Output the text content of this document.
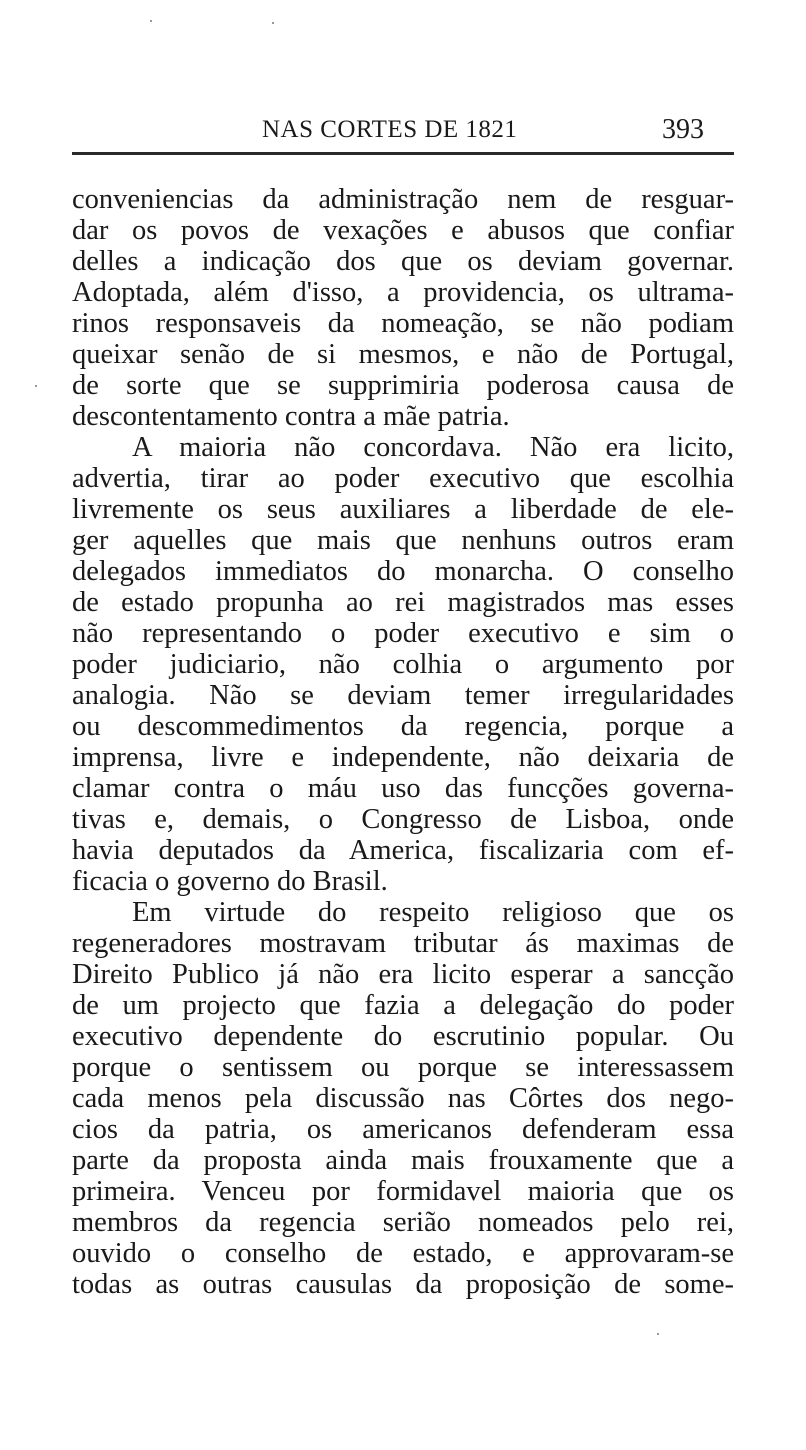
NAS CORTES DE 1821	393
conveniencias da administração nem de resguar-
dar os povos de vexações e abusos que confiar
delles a indicação dos que os deviam governar.
Adoptada, além d'isso, a providencia, os ultrama-
rinos responsaveis da nomeação, se não podiam
queixar senão de si mesmos, e não de Portugal,
de sorte que se supprimiria poderosa causa de
descontentamento contra a mãe patria.
A maioria não concordava. Não era licito,
advertia, tirar ao poder executivo que escolhia
livremente os seus auxiliares a liberdade de ele-
ger aquelles que mais que nenhuns outros eram
delegados immediatos do monarcha. O conselho
de estado propunha ao rei magistrados mas esses
não representando o poder executivo e sim o
poder judiciario, não colhia o argumento por
analogia. Não se deviam temer irregularidades
ou descommedimentos da regencia, porque a
imprensa, livre e independente, não deixaria de
clamar contra o máu uso das funcções governa-
tivas e, demais, o Congresso de Lisboa, onde
havia deputados da America, fiscalizaria com ef-
ficacia o governo do Brasil.
Em virtude do respeito religioso que os
regeneradores mostravam tributar ás maximas de
Direito Publico já não era licito esperar a sancção
de um projecto que fazia a delegação do poder
executivo dependente do escrutinio popular. Ou
porque o sentissem ou porque se interessassem
cada menos pela discussão nas Côrtes dos nego-
cios da patria, os americanos defenderam essa
parte da proposta ainda mais frouxamente que a
primeira. Venceu por formidavel maioria que os
membros da regencia serião nomeados pelo rei,
ouvido o conselho de estado, e approvaram-se
todas as outras causulas da proposição de some-
